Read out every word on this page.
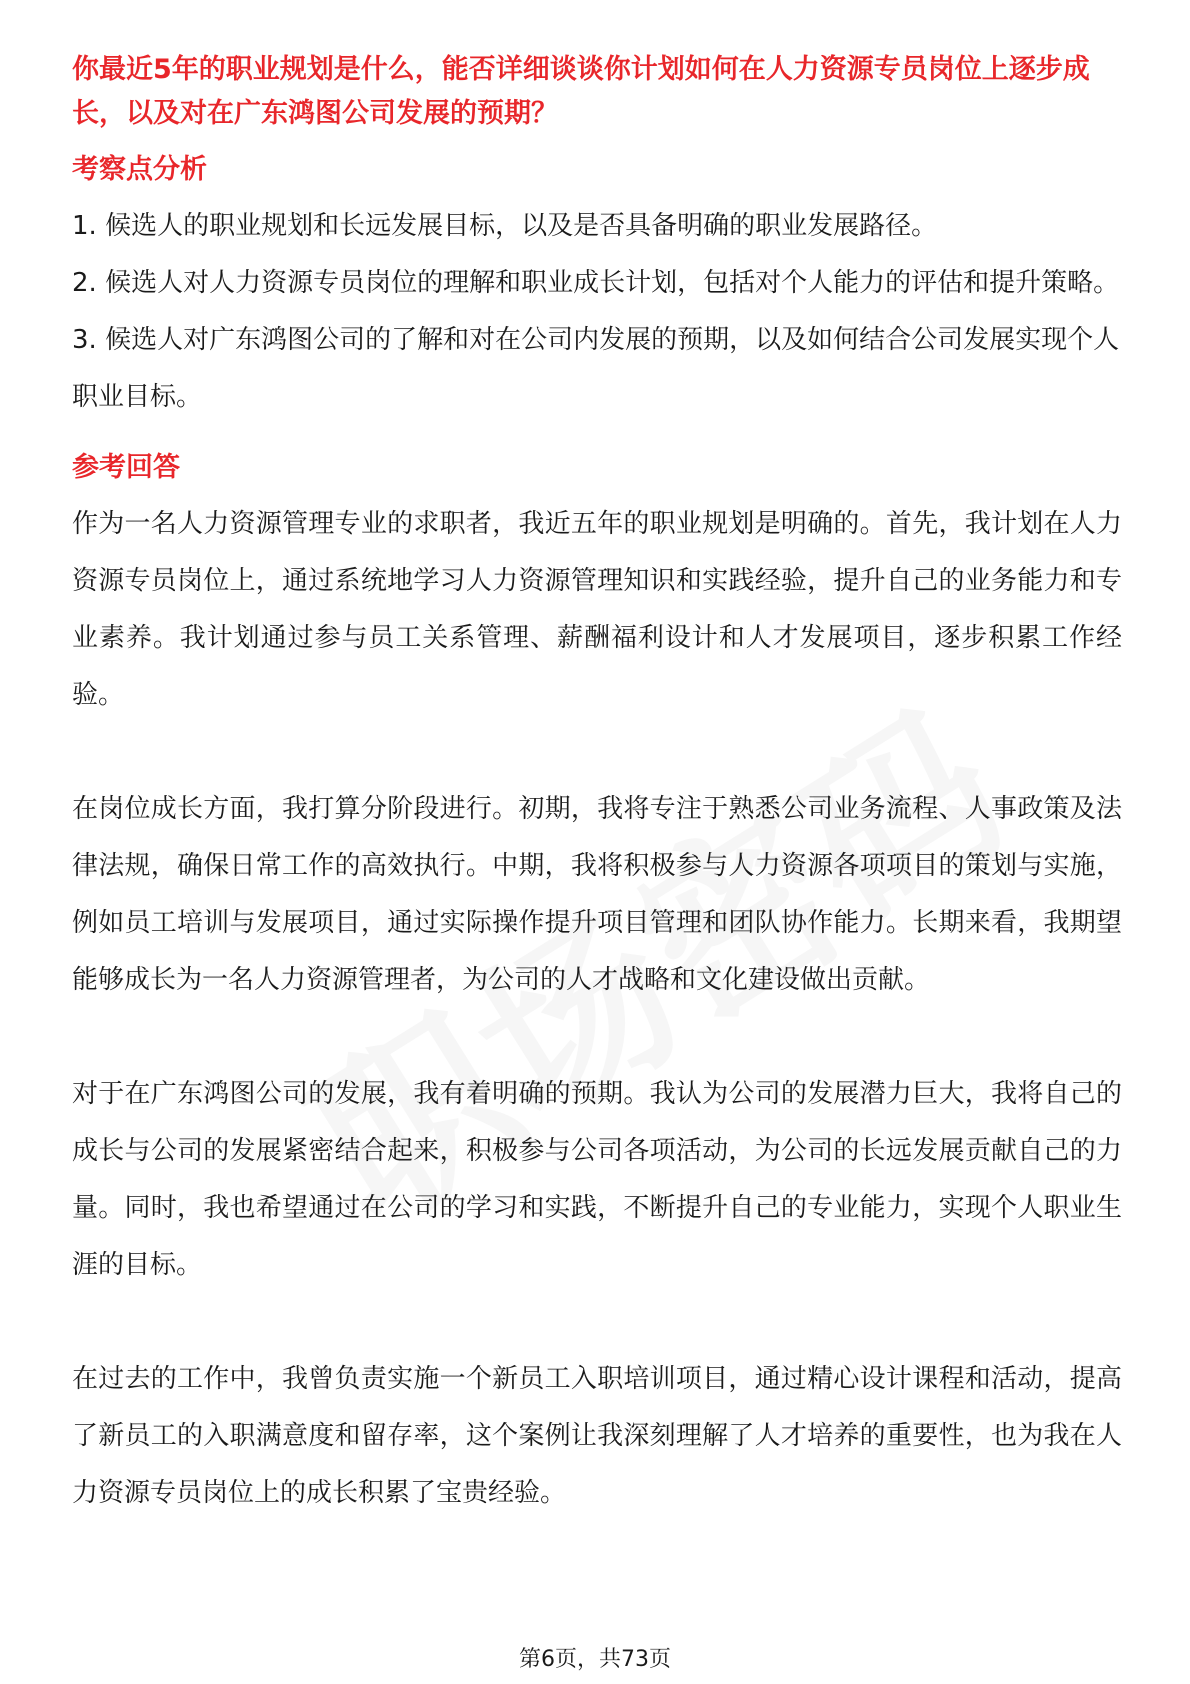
你最近5年的职业规划是什么，能否详细谈谈你计划如何在人力资源专员岗位上逐步成长，以及对在广东鸿图公司发展的预期？
考察点分析
1. 候选人的职业规划和长远发展目标，以及是否具备明确的职业发展路径。
2. 候选人对人力资源专员岗位的理解和职业成长计划，包括对个人能力的评估和提升策略。
3. 候选人对广东鸿图公司的了解和对在公司内发展的预期，以及如何结合公司发展实现个人职业目标。
参考回答

作为一名人力资源管理专业的求职者，我近五年的职业规划是明确的。首先，我计划在人力资源专员岗位上，通过系统地学习人力资源管理知识和实践经验，提升自己的业务能力和专业素养。我计划通过参与员工关系管理、薪酬福利设计和人才发展项目，逐步积累工作经验。

在岗位成长方面，我打算分阶段进行。初期，我将专注于熟悉公司业务流程、人事政策及法律法规，确保日常工作的高效执行。中期，我将积极参与人力资源各项项目的策划与实施，例如员工培训与发展项目，通过实际操作提升项目管理和团队协作能力。长期来看，我期望能够成长为一名人力资源管理者，为公司的人才战略和文化建设做出贡献。

对于在广东鸿图公司的发展，我有着明确的预期。我认为公司的发展潜力巨大，我将自己的成长与公司的发展紧密结合起来，积极参与公司各项活动，为公司的长远发展贡献自己的力量。同时，我也希望通过在公司的学习和实践，不断提升自己的专业能力，实现个人职业生涯的目标。

在过去的工作中，我曾负责实施一个新员工入职培训项目，通过精心设计课程和活动，提高了新员工的入职满意度和留存率，这个案例让我深刻理解了人才培养的重要性，也为我在人力资源专员岗位上的成长积累了宝贵经验。

第6页，共73页
